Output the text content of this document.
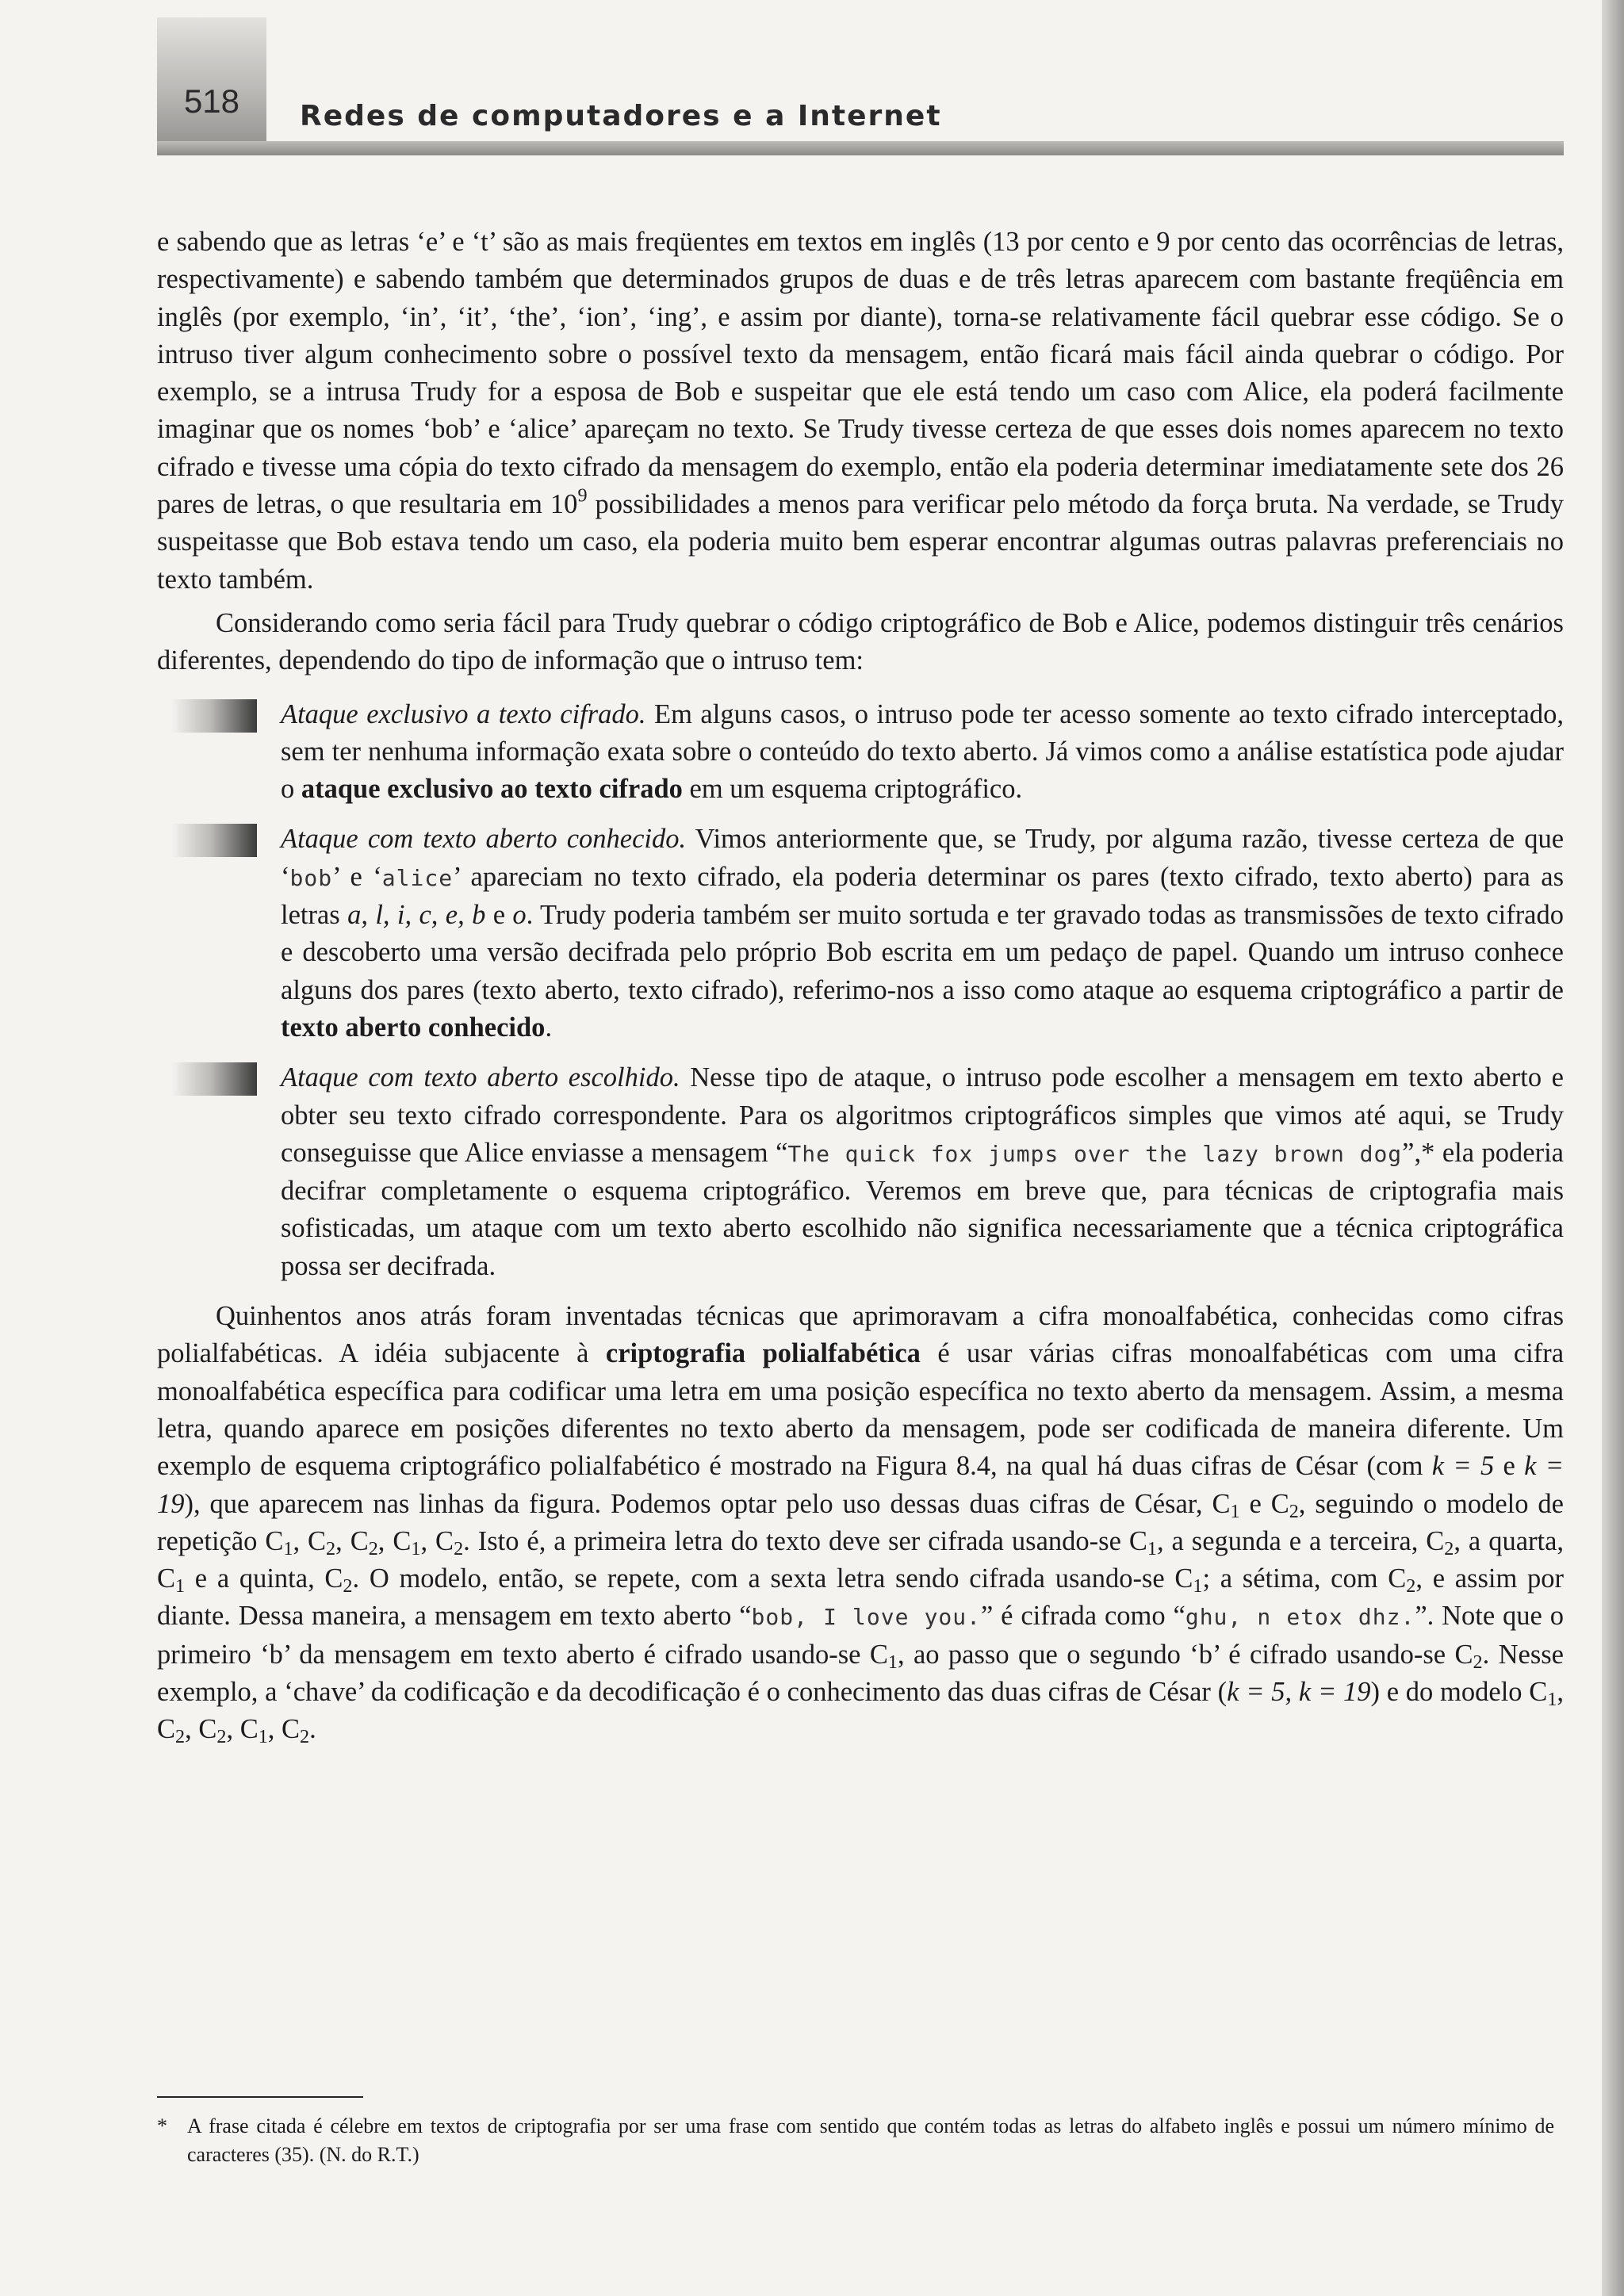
518	Redes de computadores e a Internet

e sabendo que as letras ‘e’ e ‘t’ são as mais freqüentes em textos em inglês (13 por cento e 9 por cento das ocorrências de letras, respectivamente) e sabendo também que determinados grupos de duas e de três letras aparecem com bastante freqüência em inglês (por exemplo, ‘in’, ‘it’, ‘the’, ‘ion’, ‘ing’, e assim por diante), torna-se relativamente fácil quebrar esse código. Se o intruso tiver algum conhecimento sobre o possível texto da mensagem, então ficará mais fácil ainda quebrar o código. Por exemplo, se a intrusa Trudy for a esposa de Bob e suspeitar que ele está tendo um caso com Alice, ela poderá facilmente imaginar que os nomes ‘bob’ e ‘alice’ apareçam no texto. Se Trudy tivesse certeza de que esses dois nomes aparecem no texto cifrado e tivesse uma cópia do texto cifrado da mensagem do exemplo, então ela poderia determinar imediatamente sete dos 26 pares de letras, o que resultaria em $10^9$ possibilidades a menos para verificar pelo método da força bruta. Na verdade, se Trudy suspeitasse que Bob estava tendo um caso, ela poderia muito bem esperar encontrar algumas outras palavras preferenciais no texto também.

Considerando como seria fácil para Trudy quebrar o código criptográfico de Bob e Alice, podemos distinguir três cenários diferentes, dependendo do tipo de informação que o intruso tem:

Ataque exclusivo a texto cifrado. Em alguns casos, o intruso pode ter acesso somente ao texto cifrado interceptado, sem ter nenhuma informação exata sobre o conteúdo do texto aberto. Já vimos como a análise estatística pode ajudar o ataque exclusivo ao texto cifrado em um esquema criptográfico.

Ataque com texto aberto conhecido. Vimos anteriormente que, se Trudy, por alguma razão, tivesse certeza de que ‘bob’ e ‘alice’ apareciam no texto cifrado, ela poderia determinar os pares (texto cifrado, texto aberto) para as letras a, l, i, c, e, b e o. Trudy poderia também ser muito sortuda e ter gravado todas as transmissões de texto cifrado e descoberto uma versão decifrada pelo próprio Bob escrita em um pedaço de papel. Quando um intruso conhece alguns dos pares (texto aberto, texto cifrado), referimo-nos a isso como ataque ao esquema criptográfico a partir de texto aberto conhecido.

Ataque com texto aberto escolhido. Nesse tipo de ataque, o intruso pode escolher a mensagem em texto aberto e obter seu texto cifrado correspondente. Para os algoritmos criptográficos simples que vimos até aqui, se Trudy conseguisse que Alice enviasse a mensagem “The quick fox jumps over the lazy brown dog”,* ela poderia decifrar completamente o esquema criptográfico. Veremos em breve que, para técnicas de criptografia mais sofisticadas, um ataque com um texto aberto escolhido não significa necessariamente que a técnica criptográfica possa ser decifrada.

Quinhentos anos atrás foram inventadas técnicas que aprimoravam a cifra monoalfabética, conhecidas como cifras polialfabéticas. A idéia subjacente à criptografia polialfabética é usar várias cifras monoalfabéticas com uma cifra monoalfabética específica para codificar uma letra em uma posição específica no texto aberto da mensagem. Assim, a mesma letra, quando aparece em posições diferentes no texto aberto da mensagem, pode ser codificada de maneira diferente. Um exemplo de esquema criptográfico polialfabético é mostrado na Figura 8.4, na qual há duas cifras de César (com k = 5 e k = 19), que aparecem nas linhas da figura. Podemos optar pelo uso dessas duas cifras de César, $C_1$ e $C_2$, seguindo o modelo de repetição $C_1$, $C_2$, $C_2$, $C_1$, $C_2$. Isto é, a primeira letra do texto deve ser cifrada usando-se $C_1$, a segunda e a terceira, $C_2$, a quarta, $C_1$ e a quinta, $C_2$. O modelo, então, se repete, com a sexta letra sendo cifrada usando-se $C_1$; a sétima, com $C_2$, e assim por diante. Dessa maneira, a mensagem em texto aberto “bob, I love you.” é cifrada como “ghu, n etox dhz.”. Note que o primeiro ‘b’ da mensagem em texto aberto é cifrado usando-se $C_1$, ao passo que o segundo ‘b’ é cifrado usando-se $C_2$. Nesse exemplo, a ‘chave’ da codificação e da decodificação é o conhecimento das duas cifras de César (k = 5, k = 19) e do modelo $C_1$, $C_2$, $C_2$, $C_1$, $C_2$.

* A frase citada é célebre em textos de criptografia por ser uma frase com sentido que contém todas as letras do alfabeto inglês e possui um número mínimo de caracteres (35). (N. do R.T.)
